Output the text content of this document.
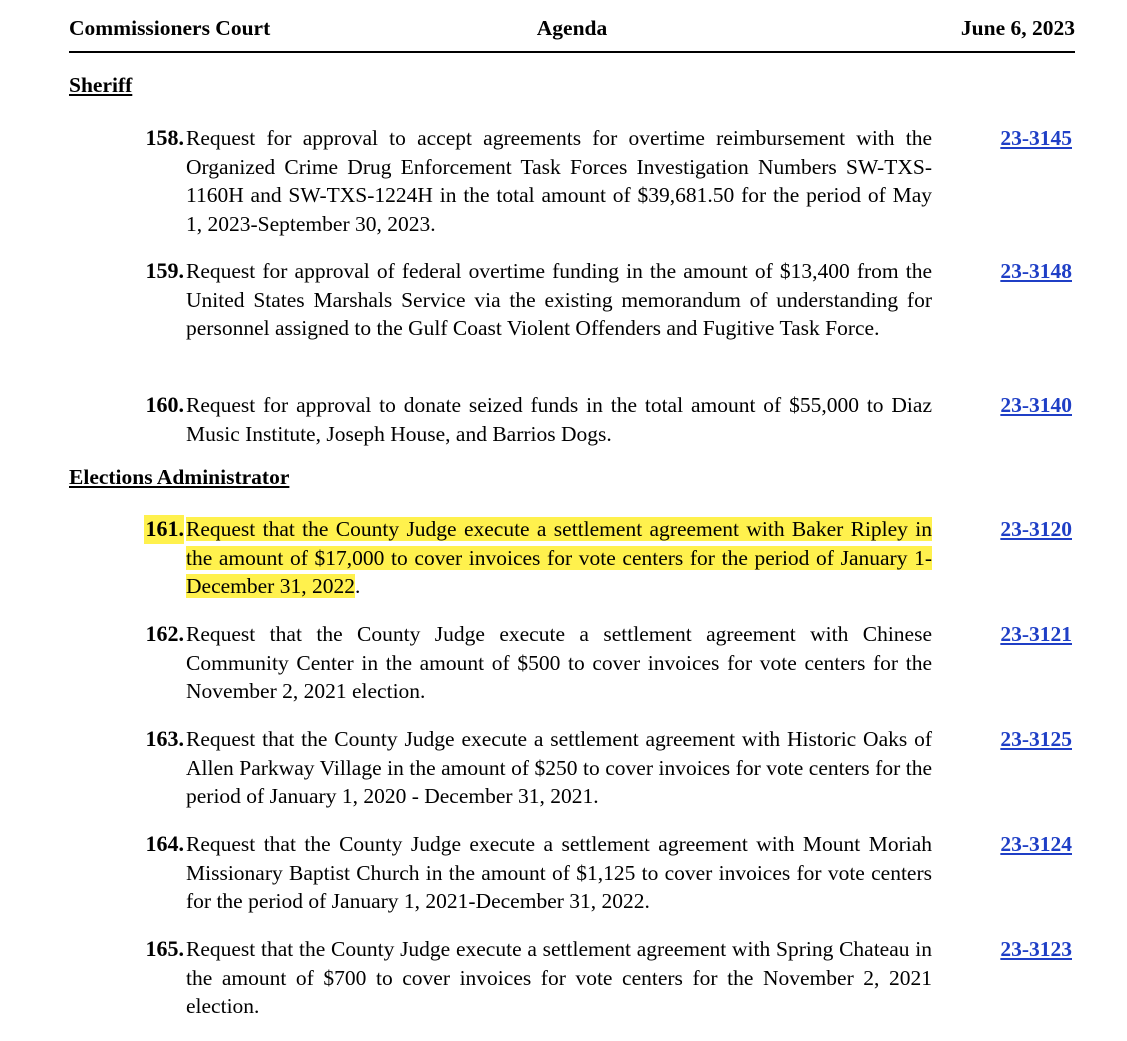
Commissioners Court	Agenda	June 6, 2023
Sheriff
158. Request for approval to accept agreements for overtime reimbursement with the Organized Crime Drug Enforcement Task Forces Investigation Numbers SW-TXS-1160H and SW-TXS-1224H in the total amount of $39,681.50 for the period of May 1, 2023-September 30, 2023.
23-3145
159. Request for approval of federal overtime funding in the amount of $13,400 from the United States Marshals Service via the existing memorandum of understanding for personnel assigned to the Gulf Coast Violent Offenders and Fugitive Task Force.
23-3148
160. Request for approval to donate seized funds in the total amount of $55,000 to Diaz Music Institute, Joseph House, and Barrios Dogs.
23-3140
Elections Administrator
161. Request that the County Judge execute a settlement agreement with Baker Ripley in the amount of $17,000 to cover invoices for vote centers for the period of January 1-December 31, 2022.
23-3120
162. Request that the County Judge execute a settlement agreement with Chinese Community Center in the amount of $500 to cover invoices for vote centers for the November 2, 2021 election.
23-3121
163. Request that the County Judge execute a settlement agreement with Historic Oaks of Allen Parkway Village in the amount of $250 to cover invoices for vote centers for the period of January 1, 2020 - December 31, 2021.
23-3125
164. Request that the County Judge execute a settlement agreement with Mount Moriah Missionary Baptist Church in the amount of $1,125 to cover invoices for vote centers for the period of January 1, 2021-December 31, 2022.
23-3124
165. Request that the County Judge execute a settlement agreement with Spring Chateau in the amount of $700 to cover invoices for vote centers for the November 2, 2021 election.
23-3123
